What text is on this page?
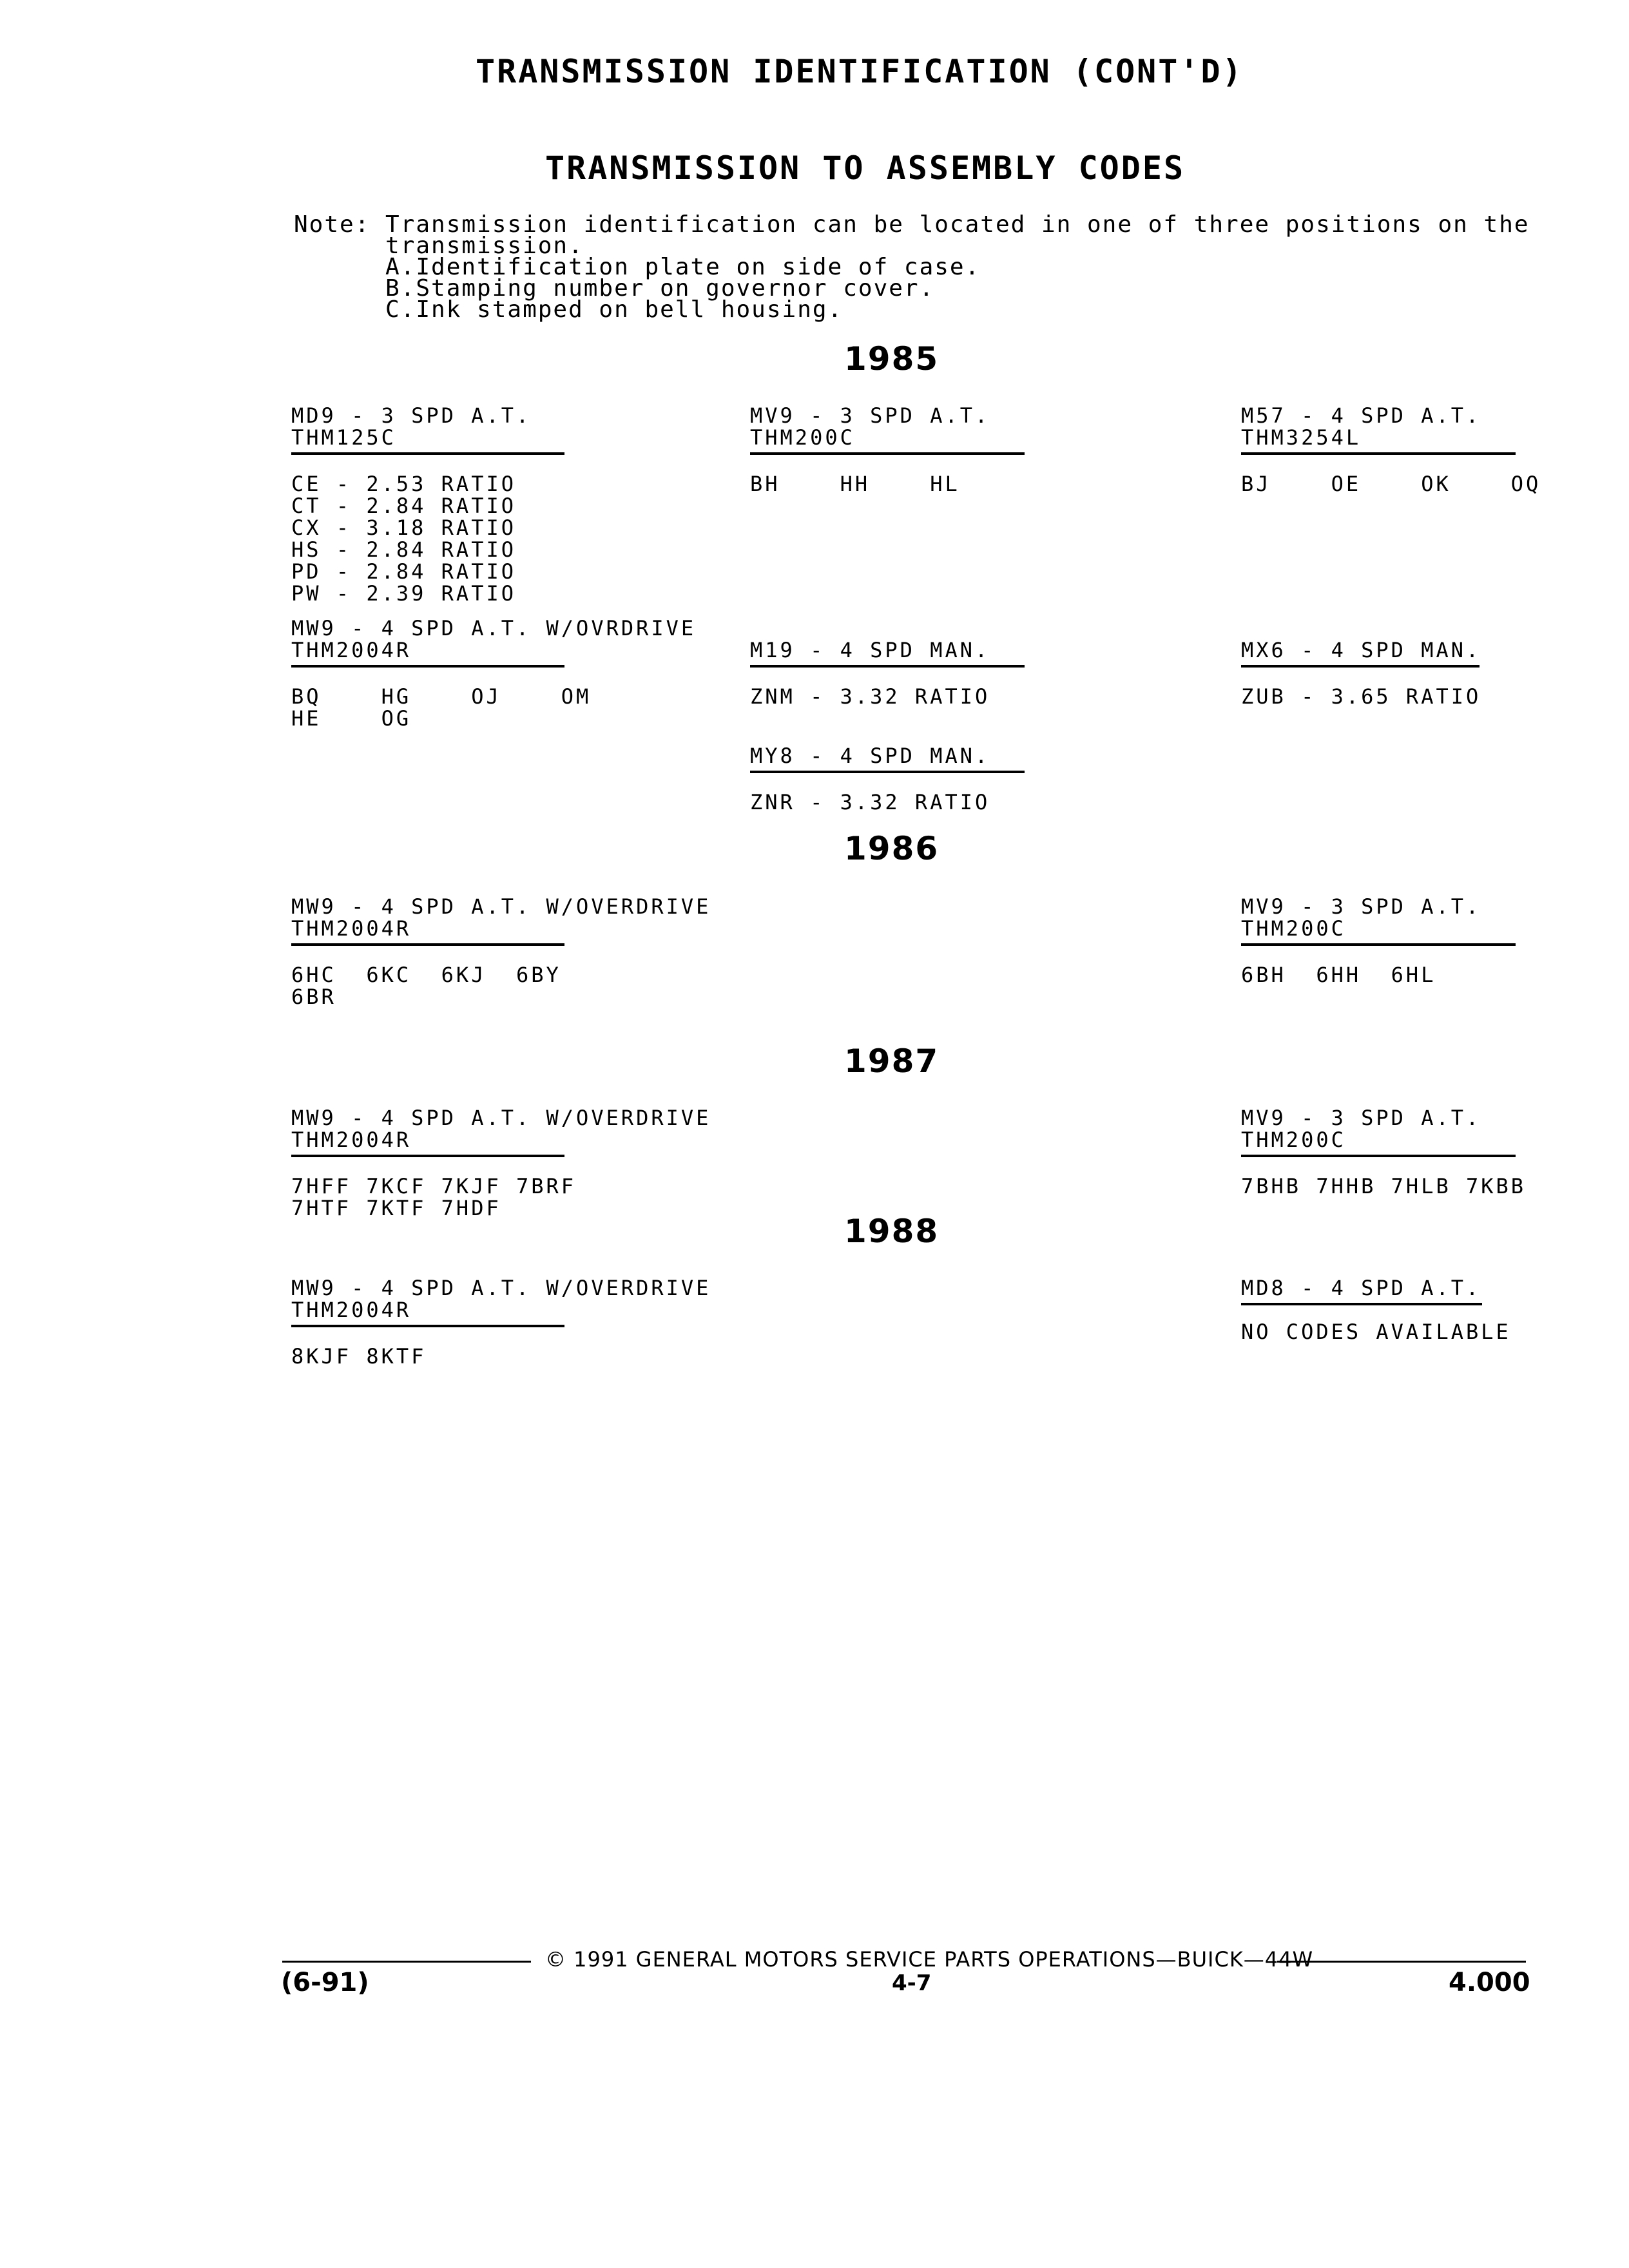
TRANSMISSION IDENTIFICATION (CONT'D)
TRANSMISSION TO ASSEMBLY CODES
Note: Transmission identification can be located in one of three positions on the
transmission.
A.Identification plate on side of case.
B.Stamping number on governor cover.
C.Ink stamped on bell housing.
1985
MD9 - 3 SPD A.T.
THM125C
CE - 2.53 RATIO
CT - 2.84 RATIO
CX - 3.18 RATIO
HS - 2.84 RATIO
PD - 2.84 RATIO
PW - 2.39 RATIO
MV9 - 3 SPD A.T.
THM200C
BH    HH    HL
M57 - 4 SPD A.T.
THM3254L
BJ    OE    OK    OQ
MW9 - 4 SPD A.T. W/OVRDRIVE
THM2004R
BQ    HG    OJ    OM
HE    OG
M19 - 4 SPD MAN.
ZNM - 3.32 RATIO
MX6 - 4 SPD MAN.
ZUB - 3.65 RATIO
MY8 - 4 SPD MAN.
ZNR - 3.32 RATIO
1986
MW9 - 4 SPD A.T. W/OVERDRIVE
THM2004R
6HC  6KC  6KJ  6BY
6BR
MV9 - 3 SPD A.T.
THM200C
6BH  6HH  6HL
1987
MW9 - 4 SPD A.T. W/OVERDRIVE
THM2004R
7HFF 7KCF 7KJF 7BRF
7HTF 7KTF 7HDF
MV9 - 3 SPD A.T.
THM200C
7BHB 7HHB 7HLB 7KBB
1988
MW9 - 4 SPD A.T. W/OVERDRIVE
THM2004R
8KJF 8KTF
MD8 - 4 SPD A.T.
NO CODES AVAILABLE
© 1991 GENERAL MOTORS SERVICE PARTS OPERATIONS—BUICK—44W
(6-91)	4-7	4.000
